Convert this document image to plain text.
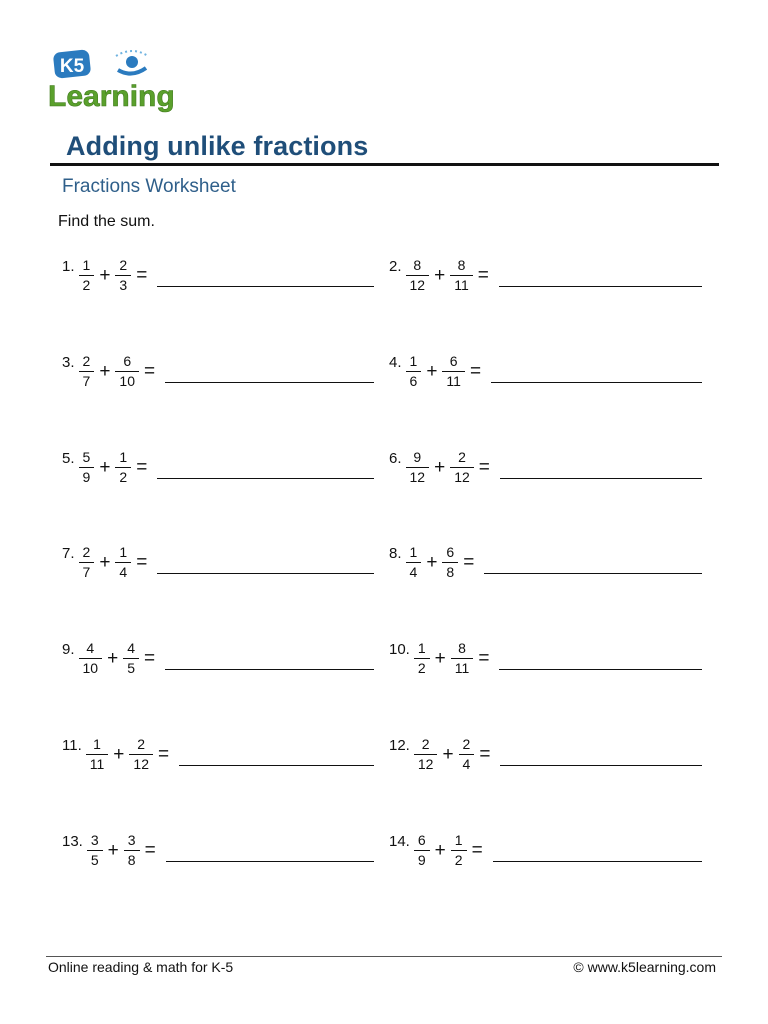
K5
Learning
Adding unlike fractions
Fractions Worksheet
Find the sum.
1. $\frac{1}{2} + \frac{2}{3}$ =	2. $\frac{8}{12} + \frac{8}{11}$ =
3. $\frac{2}{7} + \frac{6}{10}$ =	4. $\frac{1}{6} + \frac{6}{11}$ =
5. $\frac{5}{9} + \frac{1}{2}$ =	6. $\frac{9}{12} + \frac{2}{12}$ =
7. $\frac{2}{7} + \frac{1}{4}$ =	8. $\frac{1}{4} + \frac{6}{8}$ =
9. $\frac{4}{10} + \frac{4}{5}$ =	10. $\frac{1}{2} + \frac{8}{11}$ =
11. $\frac{1}{11} + \frac{2}{12}$ =	12. $\frac{2}{12} + \frac{2}{4}$ =
13. $\frac{3}{5} + \frac{3}{8}$ =	14. $\frac{6}{9} + \frac{1}{2}$ =
Online reading & math for K-5	© www.k5learning.com
